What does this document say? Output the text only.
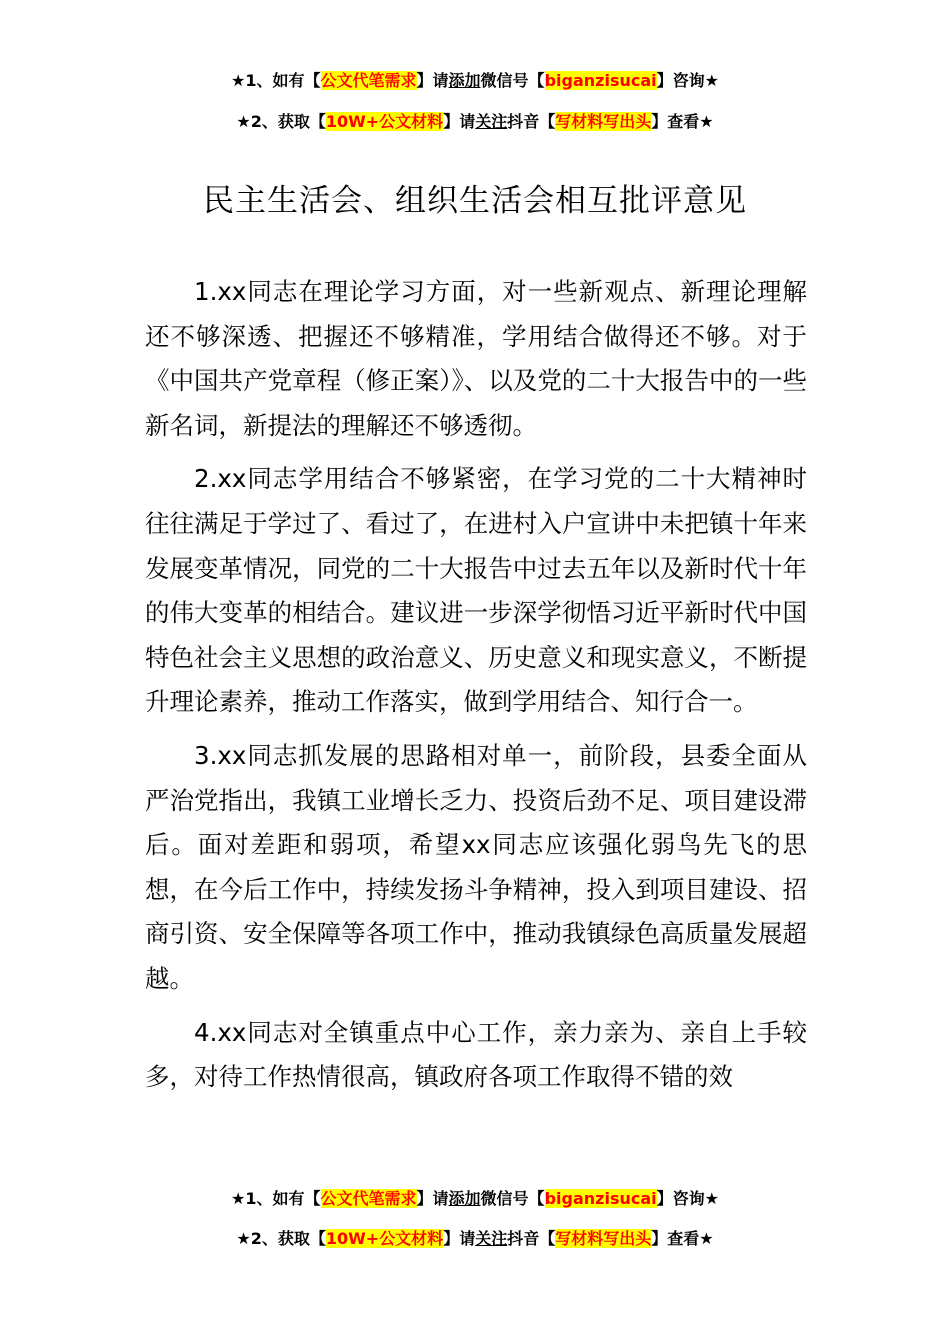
★1、如有【公文代笔需求】请添加微信号【biganzisucai】咨询★
★2、获取【10W+公文材料】请关注抖音【写材料写出头】查看★
民主生活会、组织生活会相互批评意见

1.xx同志在理论学习方面，对一些新观点、新理论理解还不够深透、把握还不够精准，学用结合做得还不够。对于《中国共产党章程（修正案）》、以及党的二十大报告中的一些新名词，新提法的理解还不够透彻。

2.xx同志学用结合不够紧密，在学习党的二十大精神时往往满足于学过了、看过了，在进村入户宣讲中未把镇十年来发展变革情况，同党的二十大报告中过去五年以及新时代十年的伟大变革的相结合。建议进一步深学彻悟习近平新时代中国特色社会主义思想的政治意义、历史意义和现实意义，不断提升理论素养，推动工作落实，做到学用结合、知行合一。

3.xx同志抓发展的思路相对单一，前阶段，县委全面从严治党指出，我镇工业增长乏力、投资后劲不足、项目建设滞后。面对差距和弱项，希望xx同志应该强化弱鸟先飞的思想，在今后工作中，持续发扬斗争精神，投入到项目建设、招商引资、安全保障等各项工作中，推动我镇绿色高质量发展超越。

4.xx同志对全镇重点中心工作，亲力亲为、亲自上手较多，对待工作热情很高，镇政府各项工作取得不错的效

★1、如有【公文代笔需求】请添加微信号【biganzisucai】咨询★
★2、获取【10W+公文材料】请关注抖音【写材料写出头】查看★
